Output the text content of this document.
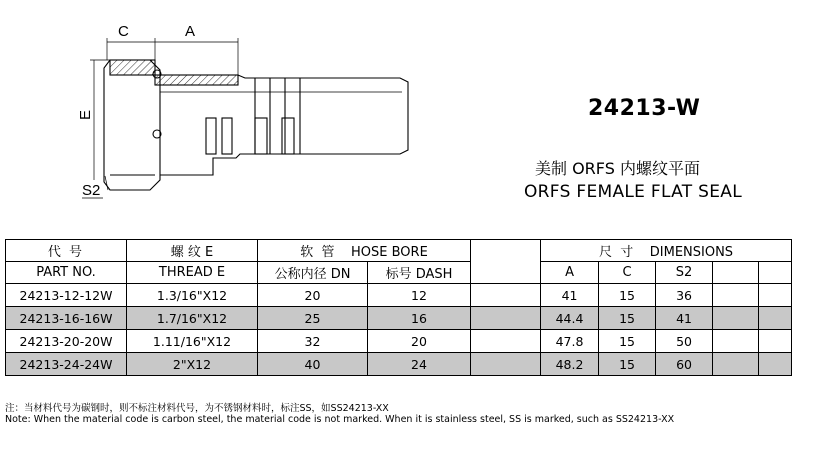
C	A
E
S2
24213-W
美制 ORFS 内螺纹平面
ORFS FEMALE FLAT SEAL
代 号	螺 纹 E	软  管    HOSE BORE			尺  寸    DIMENSIONS				
PART NO.	THREAD E	公称内径 DN	标号 DASH		A	C	S2		
24213-12-12W	1.3/16"X12	20	12		41	15	36		
24213-16-16W	1.7/16"X12	25	16		44.4	15	41		
24213-20-20W	1.11/16"X12	32	20		47.8	15	50		
24213-24-24W	2"X12	40	24		48.2	15	60		
注：当材料代号为碳钢时，则不标注材料代号，为不锈钢材料时，标注SS，如SS24213-XX
Note: When the material code is carbon steel, the material code is not marked. When it is stainless steel, SS is marked, such as SS24213-XX
